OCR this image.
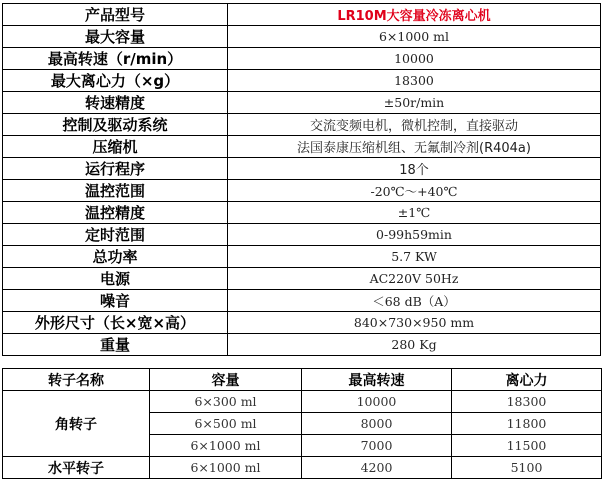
产品型号	LR10M大容量冷冻离心机
最大容量	6×1000 ml
最高转速（r/min）	10000
最大离心力（×g）	18300
转速精度	±50r/min
控制及驱动系统	交流变频电机，微机控制，直接驱动
压缩机	法国泰康压缩机组、无氟制冷剂(R404a)
运行程序	18个
温控范围	-20℃～+40℃
温控精度	±1℃
定时范围	0-99h59min
总功率	5.7 KW
电源	AC220V 50Hz
噪音	＜68 dB（A）
外形尺寸（长×宽×高）	840×730×950 mm
重量	280 Kg
转子名称	容量	最高转速	离心力
角转子	6×300 ml	10000	18300
	6×500 ml	8000	11800
	6×1000 ml	7000	11500
水平转子	6×1000 ml	4200	5100
